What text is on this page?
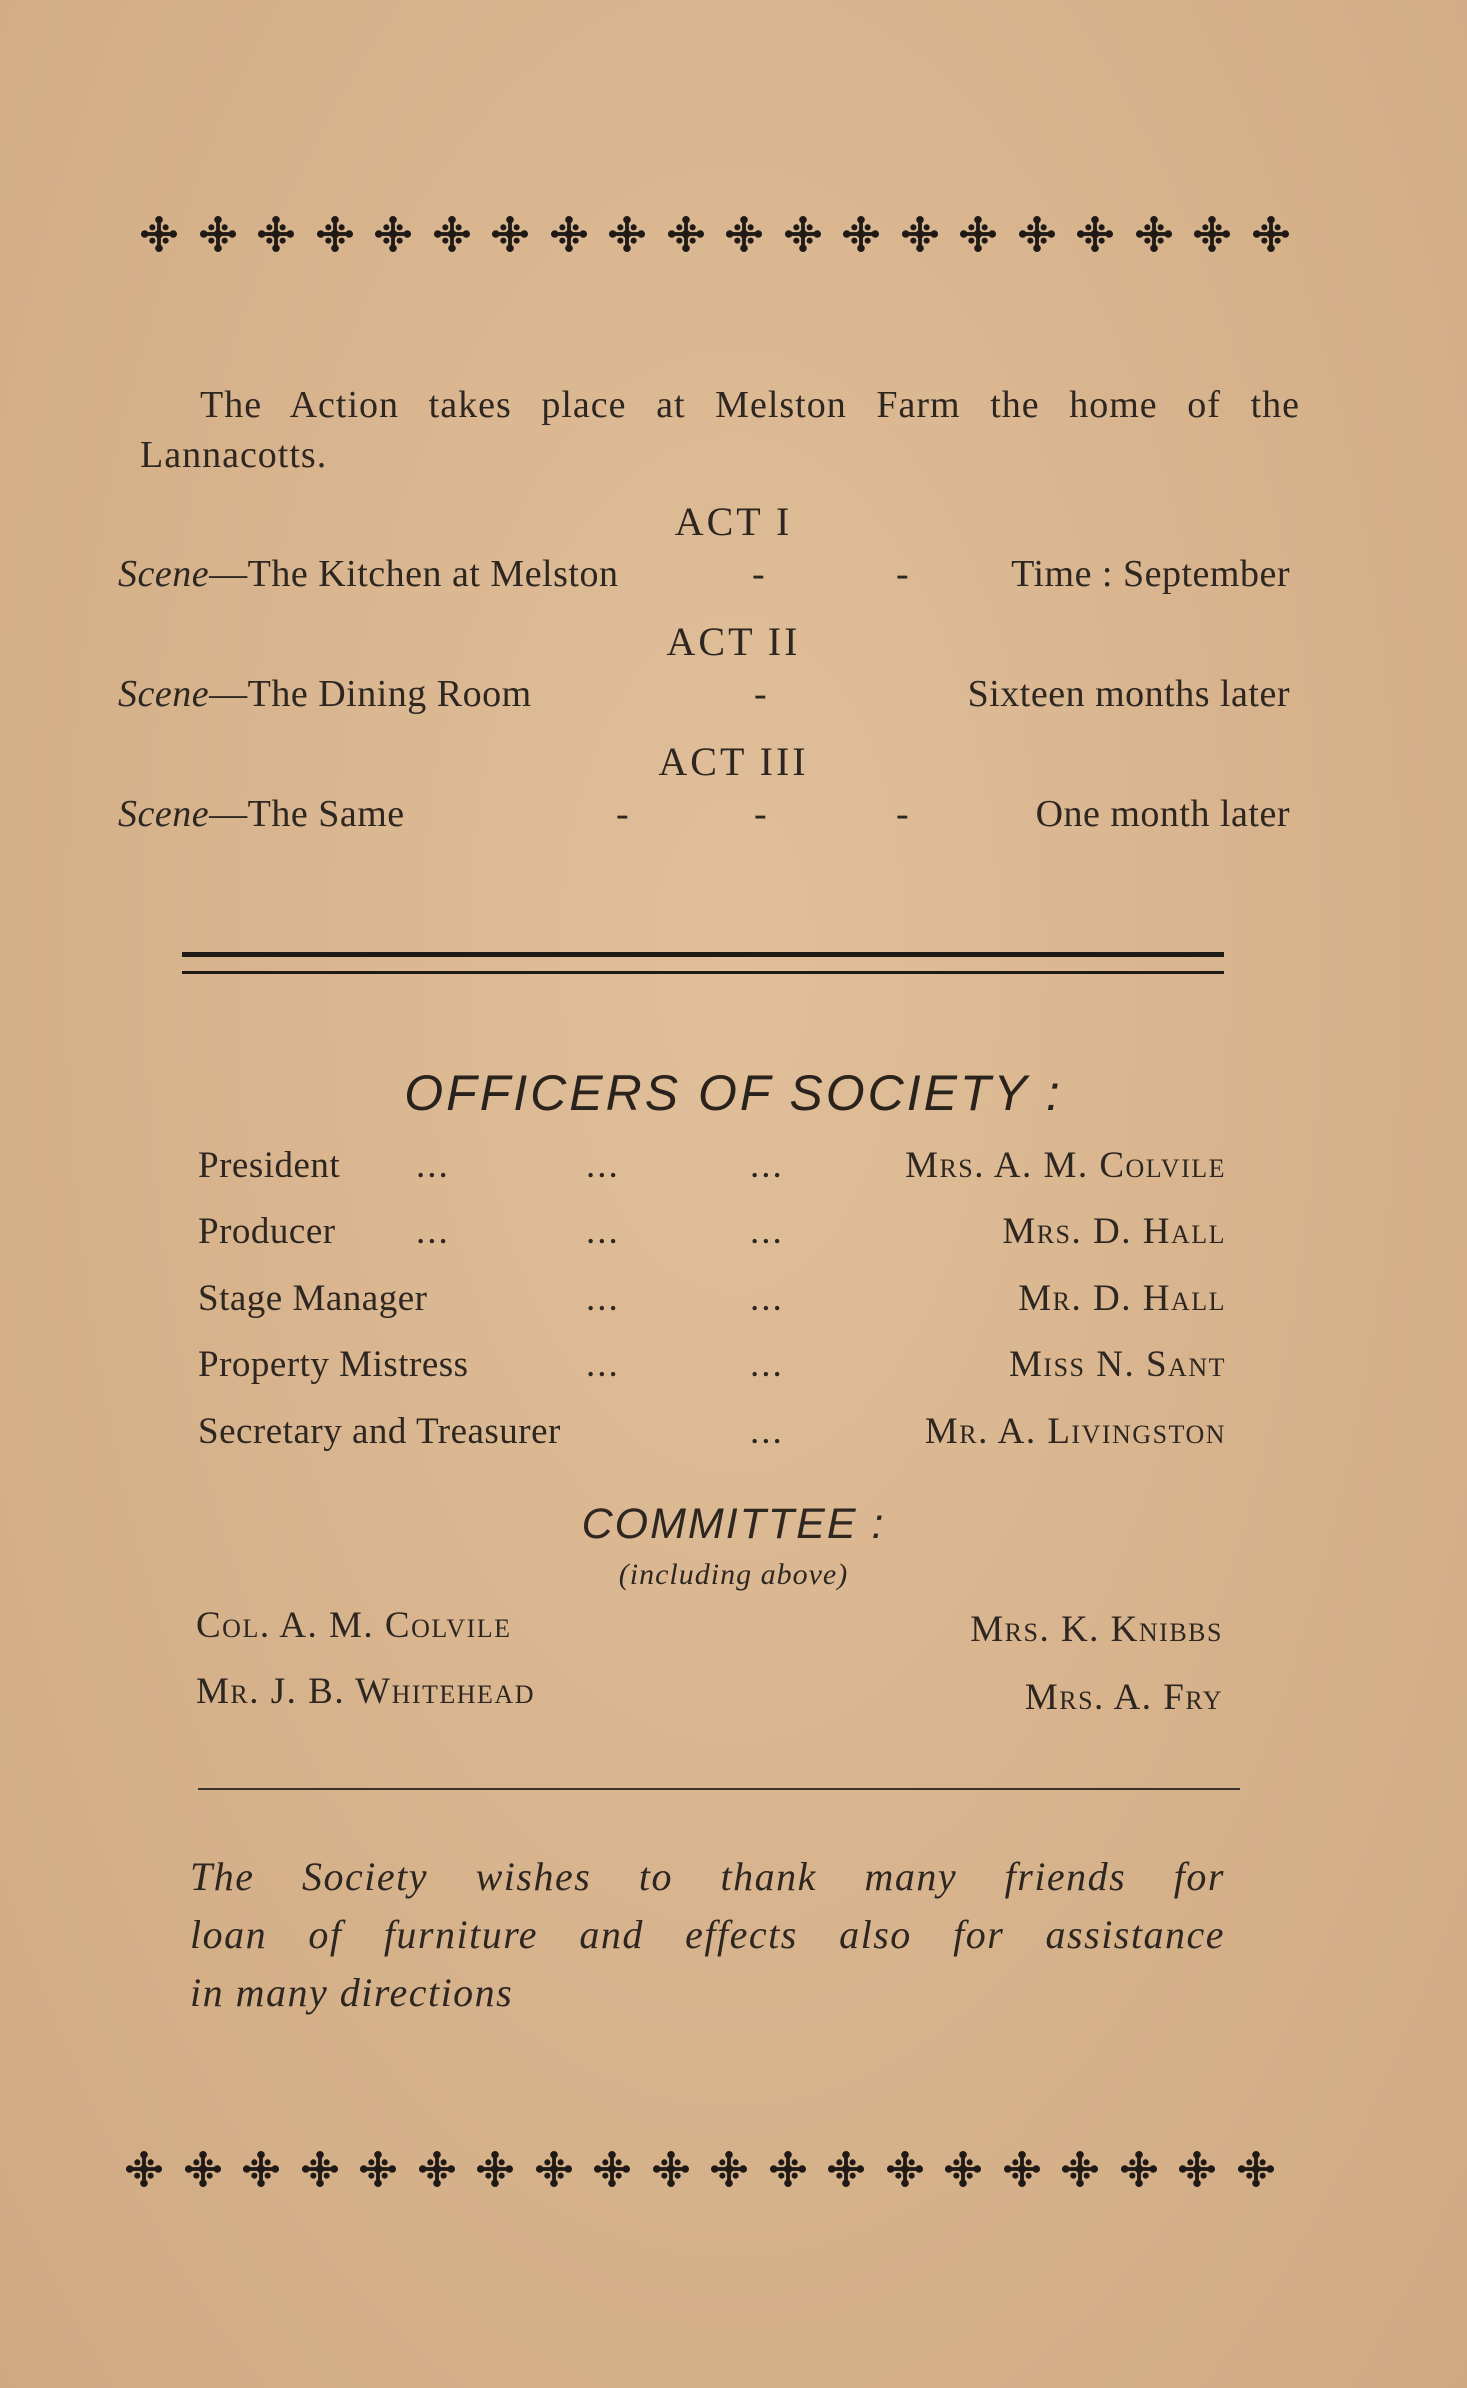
The Action takes place at Melston Farm the home of the
Lannacotts.
ACT I
Scene—The Kitchen at Melston	-	-	Time : September
ACT II
Scene—The Dining Room	-	Sixteen months later
ACT III
Scene—The Same	-	-	-	One month later
OFFICERS OF SOCIETY :
President ...	...	...	Mrs. A. M. Colvile
Producer ...	...	...	Mrs. D. Hall
Stage Manager	...	...	Mr. D. Hall
Property Mistress	...	...	Miss N. Sant
Secretary and Treasurer	...	Mr. A. Livingston
COMMITTEE :
(including above)
Col. A. M. Colvile	Mrs. K. Knibbs
Mr. J. B. Whitehead	Mrs. A. Fry
The Society wishes to thank many friends for
loan of furniture and effects also for assistance
in many directions
